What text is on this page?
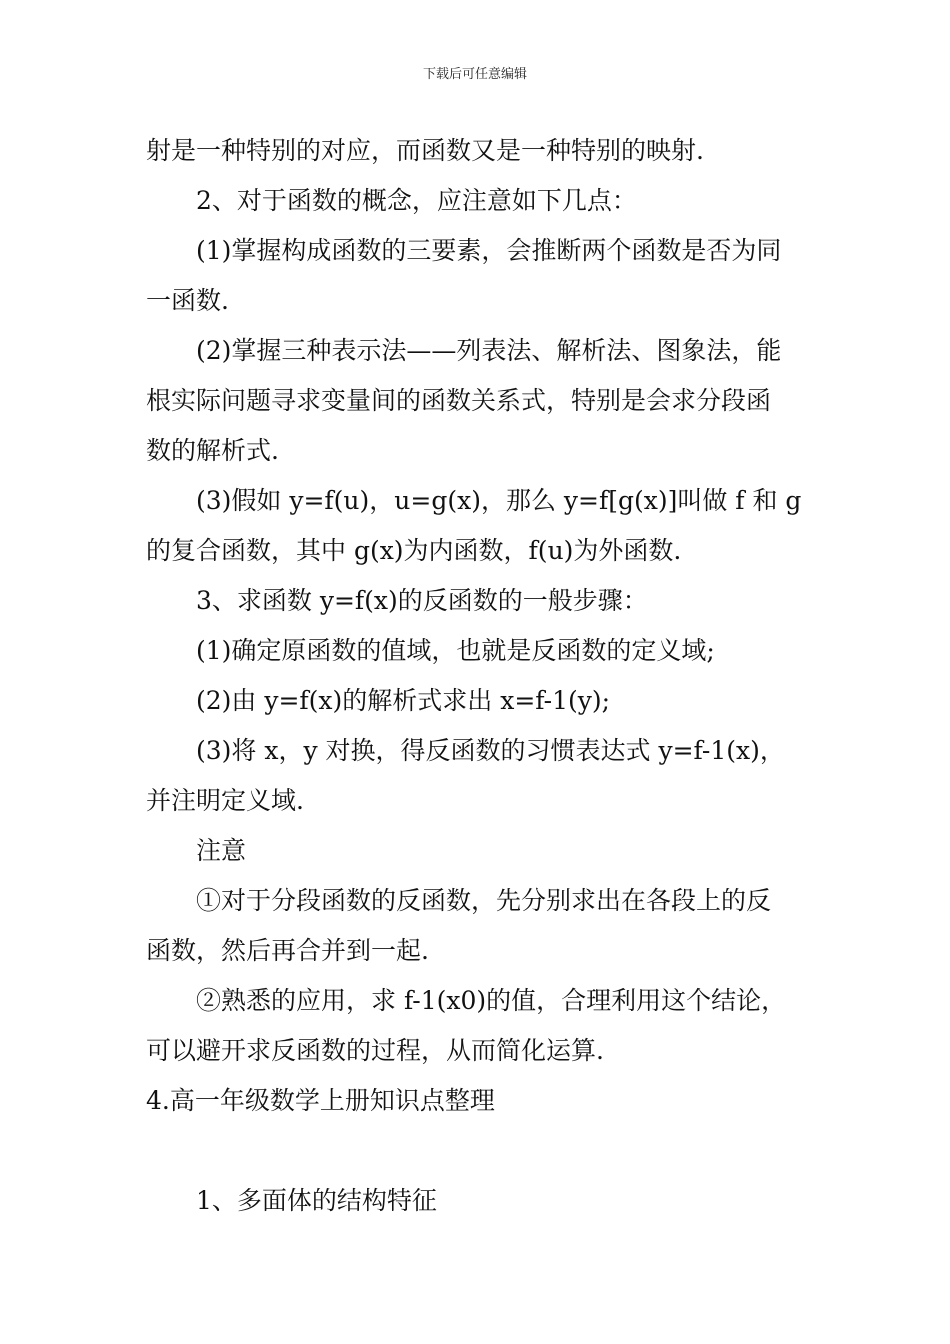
下载后可任意编辑
射是一种特别的对应，而函数又是一种特别的映射.
2、对于函数的概念，应注意如下几点：
(1)掌握构成函数的三要素，会推断两个函数是否为同
一函数.
(2)掌握三种表示法——列表法、解析法、图象法，能
根实际问题寻求变量间的函数关系式，特别是会求分段函
数的解析式.
(3)假如 y=f(u)，u=g(x)，那么 y=f[g(x)]叫做 f 和 g
的复合函数，其中 g(x)为内函数，f(u)为外函数.
3、求函数 y=f(x)的反函数的一般步骤：
(1)确定原函数的值域，也就是反函数的定义域;
(2)由 y=f(x)的解析式求出 x=f-1(y);
(3)将 x，y 对换，得反函数的习惯表达式 y=f-1(x)，
并注明定义域.
注意
①对于分段函数的反函数，先分别求出在各段上的反
函数，然后再合并到一起.
②熟悉的应用，求 f-1(x0)的值，合理利用这个结论，
可以避开求反函数的过程，从而简化运算.
4.高一年级数学上册知识点整理
1、多面体的结构特征
